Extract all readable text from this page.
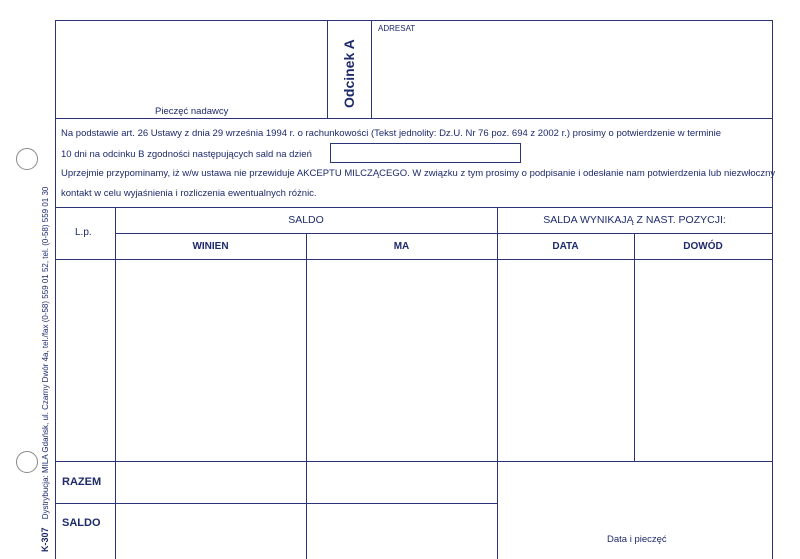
K-307 Dystrybucja: MILA Gdańsk, ul. Czarny Dwór 4a, tel./fax (0-58) 559 01 52, tel. (0-58) 559 01 30
Pieczęć nadawcy
Odcinek A
ADRESAT
Na podstawie art. 26 Ustawy z dnia 29 września 1994 r. o rachunkowości (Tekst jednolity: Dz.U. Nr 76 poz. 694 z 2002 r.) prosimy o potwierdzenie w terminie
10 dni na odcinku B zgodności następujących sald na dzień
Uprzejmie przypominamy, iż w/w ustawa nie przewiduje AKCEPTU MILCZĄCEGO. W związku z tym prosimy o podpisanie i odesłanie nam potwierdzenia lub niezwłoczny
kontakt w celu wyjaśnienia i rozliczenia ewentualnych różnic.
L.p.
SALDO
WINIEN	MA
SALDA WYNIKAJĄ Z NAST. POZYCJI:
DATA	DOWÓD
RAZEM
SALDO
Data i pieczęć
